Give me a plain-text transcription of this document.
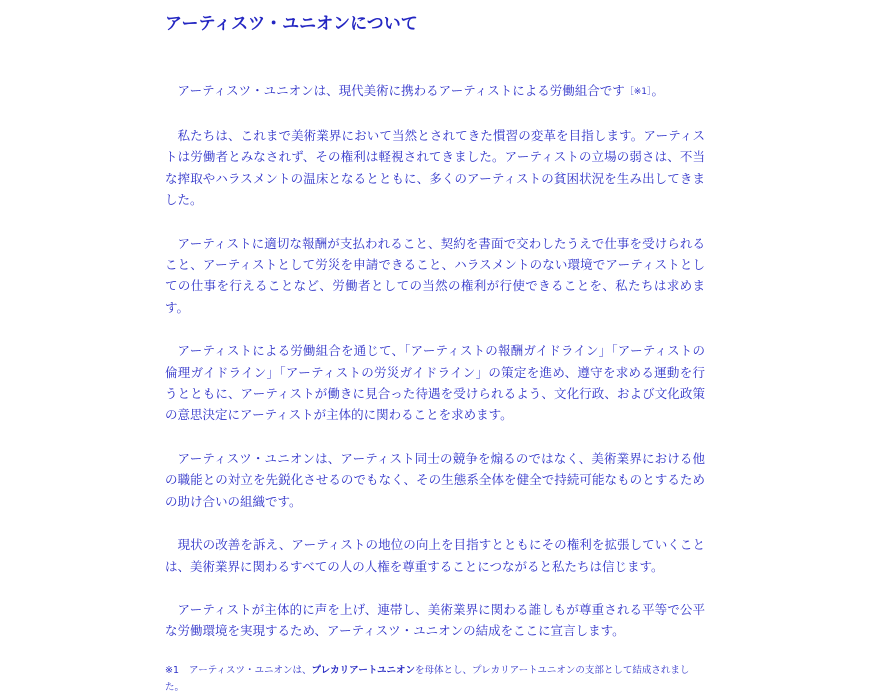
アーティスツ・ユニオンについて

アーティスツ・ユニオンは、現代美術に携わるアーティストによる労働組合です［※1］。

私たちは、これまで美術業界において当然とされてきた慣習の変革を目指します。アーティストは労働者とみなされず、その権利は軽視されてきました。アーティストの立場の弱さは、不当な搾取やハラスメントの温床となるとともに、多くのアーティストの貧困状況を生み出してきました。

アーティストに適切な報酬が支払われること、契約を書面で交わしたうえで仕事を受けられること、アーティストとして労災を申請できること、ハラスメントのない環境でアーティストとしての仕事を行えることなど、労働者としての当然の権利が行使できることを、私たちは求めます。

アーティストによる労働組合を通じて、「アーティストの報酬ガイドライン」「アーティストの倫理ガイドライン」「アーティストの労災ガイドライン」の策定を進め、遵守を求める運動を行うとともに、アーティストが働きに見合った待遇を受けられるよう、文化行政、および文化政策の意思決定にアーティストが主体的に関わることを求めます。

アーティスツ・ユニオンは、アーティスト同士の競争を煽るのではなく、美術業界における他の職能との対立を先鋭化させるのでもなく、その生態系全体を健全で持続可能なものとするための助け合いの組織です。

現状の改善を訴え、アーティストの地位の向上を目指すとともにその権利を拡張していくことは、美術業界に関わるすべての人の人権を尊重することにつながると私たちは信じます。

アーティストが主体的に声を上げ、連帯し、美術業界に関わる誰しもが尊重される平等で公平な労働環境を実現するため、アーティスツ・ユニオンの結成をここに宣言します。

※1 アーティスツ・ユニオンは、プレカリアートユニオンを母体とし、プレカリアートユニオンの支部として結成されました。
